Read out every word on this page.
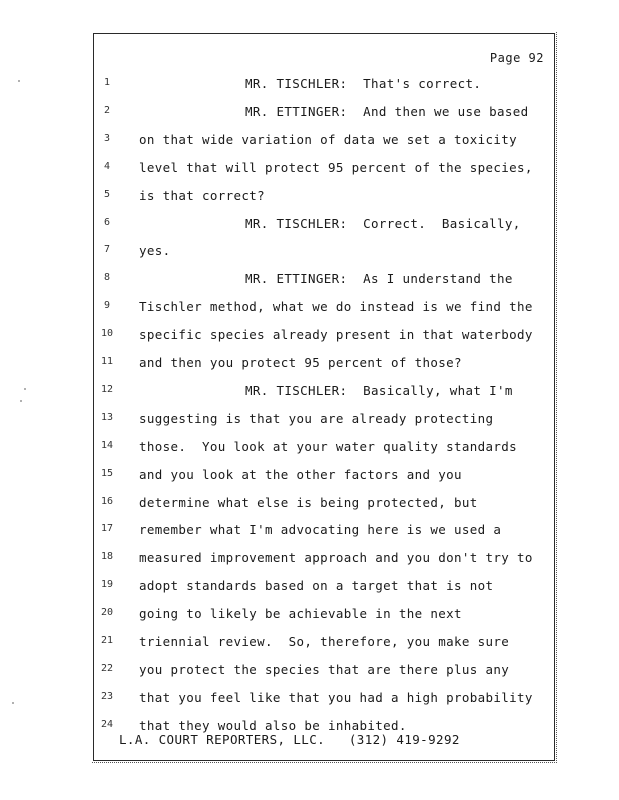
Page 92
1	MR. TISCHLER:  That's correct.
2	MR. ETTINGER:  And then we use based
3	on that wide variation of data we set a toxicity
4	level that will protect 95 percent of the species,
5	is that correct?
6	MR. TISCHLER:  Correct.  Basically,
7	yes.
8	MR. ETTINGER:  As I understand the
9	Tischler method, what we do instead is we find the
10	specific species already present in that waterbody
11	and then you protect 95 percent of those?
12	MR. TISCHLER:  Basically, what I'm
13	suggesting is that you are already protecting
14	those.  You look at your water quality standards
15	and you look at the other factors and you
16	determine what else is being protected, but
17	remember what I'm advocating here is we used a
18	measured improvement approach and you don't try to
19	adopt standards based on a target that is not
20	going to likely be achievable in the next
21	triennial review.  So, therefore, you make sure
22	you protect the species that are there plus any
23	that you feel like that you had a high probability
24	that they would also be inhabited.
L.A. COURT REPORTERS, LLC.   (312) 419-9292
